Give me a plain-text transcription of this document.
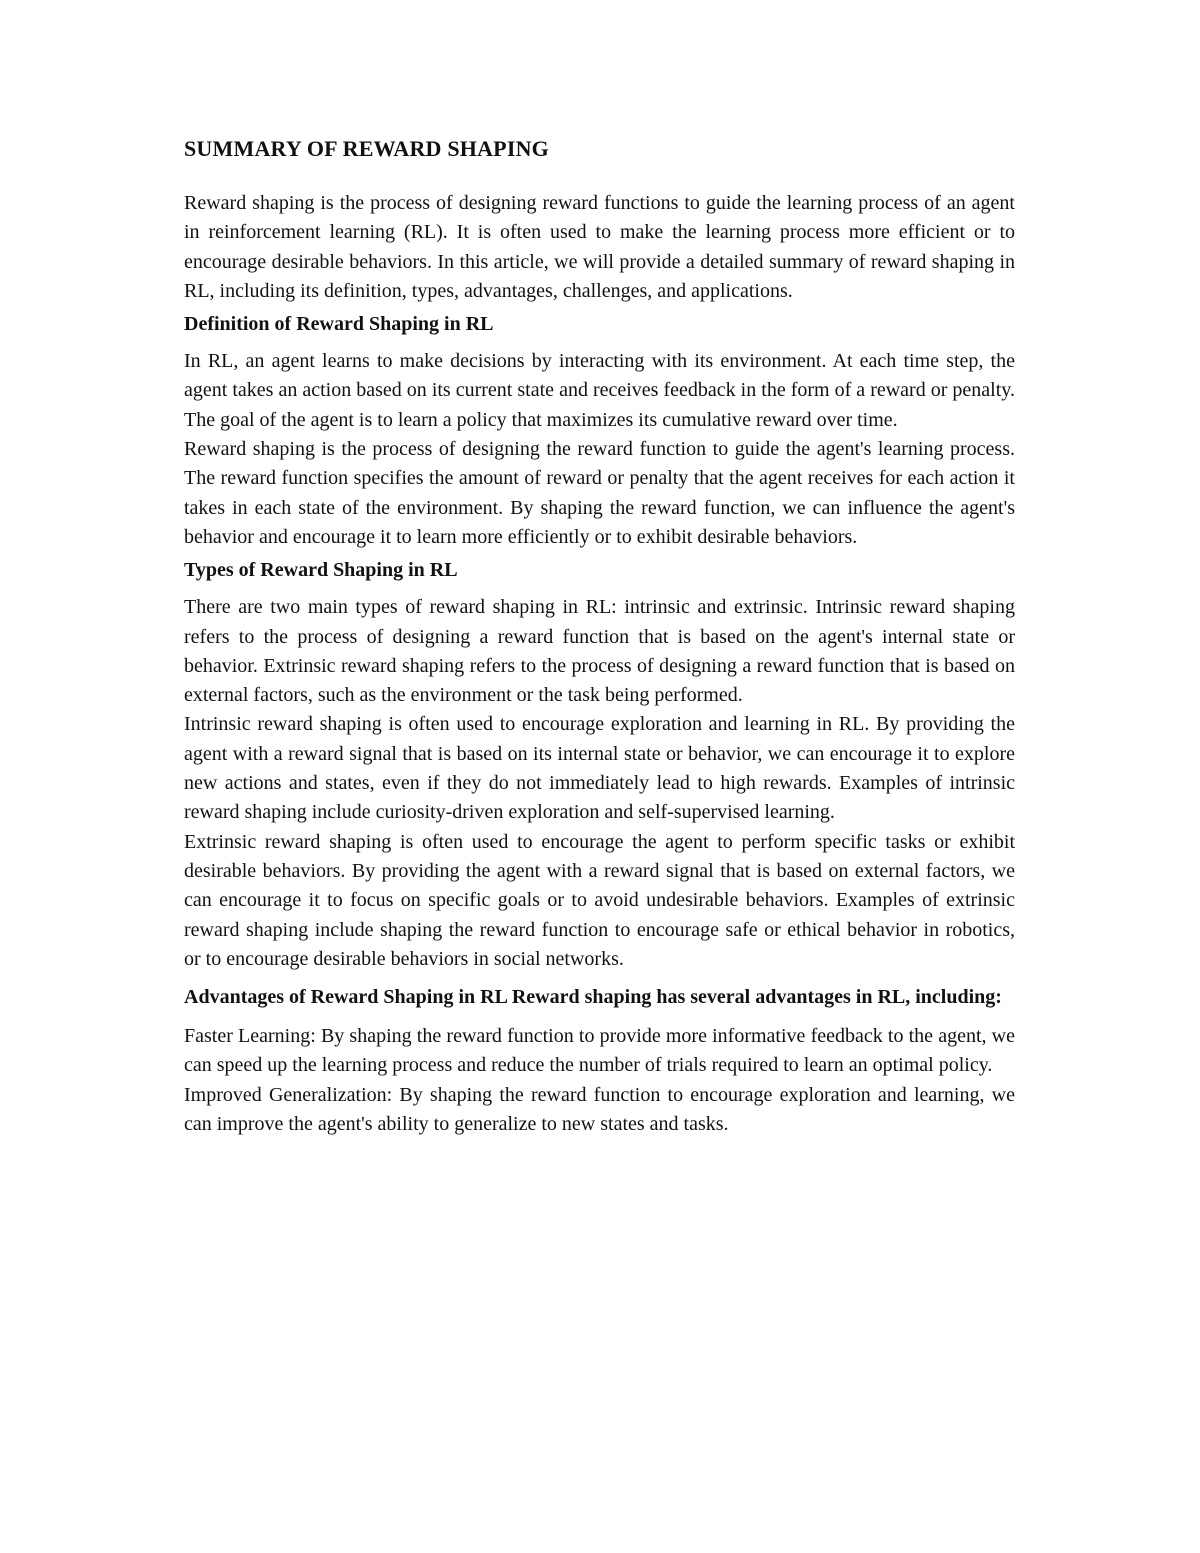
SUMMARY OF REWARD SHAPING

Reward shaping is the process of designing reward functions to guide the learning process of an agent in reinforcement learning (RL). It is often used to make the learning process more efficient or to encourage desirable behaviors. In this article, we will provide a detailed summary of reward shaping in RL, including its definition, types, advantages, challenges, and applications.

Definition of Reward Shaping in RL

In RL, an agent learns to make decisions by interacting with its environment. At each time step, the agent takes an action based on its current state and receives feedback in the form of a reward or penalty. The goal of the agent is to learn a policy that maximizes its cumulative reward over time.

Reward shaping is the process of designing the reward function to guide the agent's learning process. The reward function specifies the amount of reward or penalty that the agent receives for each action it takes in each state of the environment. By shaping the reward function, we can influence the agent's behavior and encourage it to learn more efficiently or to exhibit desirable behaviors.

Types of Reward Shaping in RL

There are two main types of reward shaping in RL: intrinsic and extrinsic. Intrinsic reward shaping refers to the process of designing a reward function that is based on the agent's internal state or behavior. Extrinsic reward shaping refers to the process of designing a reward function that is based on external factors, such as the environment or the task being performed.

Intrinsic reward shaping is often used to encourage exploration and learning in RL. By providing the agent with a reward signal that is based on its internal state or behavior, we can encourage it to explore new actions and states, even if they do not immediately lead to high rewards. Examples of intrinsic reward shaping include curiosity-driven exploration and self-supervised learning.

Extrinsic reward shaping is often used to encourage the agent to perform specific tasks or exhibit desirable behaviors. By providing the agent with a reward signal that is based on external factors, we can encourage it to focus on specific goals or to avoid undesirable behaviors. Examples of extrinsic reward shaping include shaping the reward function to encourage safe or ethical behavior in robotics, or to encourage desirable behaviors in social networks.

Advantages of Reward Shaping in RL Reward shaping has several advantages in RL, including:

Faster Learning: By shaping the reward function to provide more informative feedback to the agent, we can speed up the learning process and reduce the number of trials required to learn an optimal policy.

Improved Generalization: By shaping the reward function to encourage exploration and learning, we can improve the agent's ability to generalize to new states and tasks.
